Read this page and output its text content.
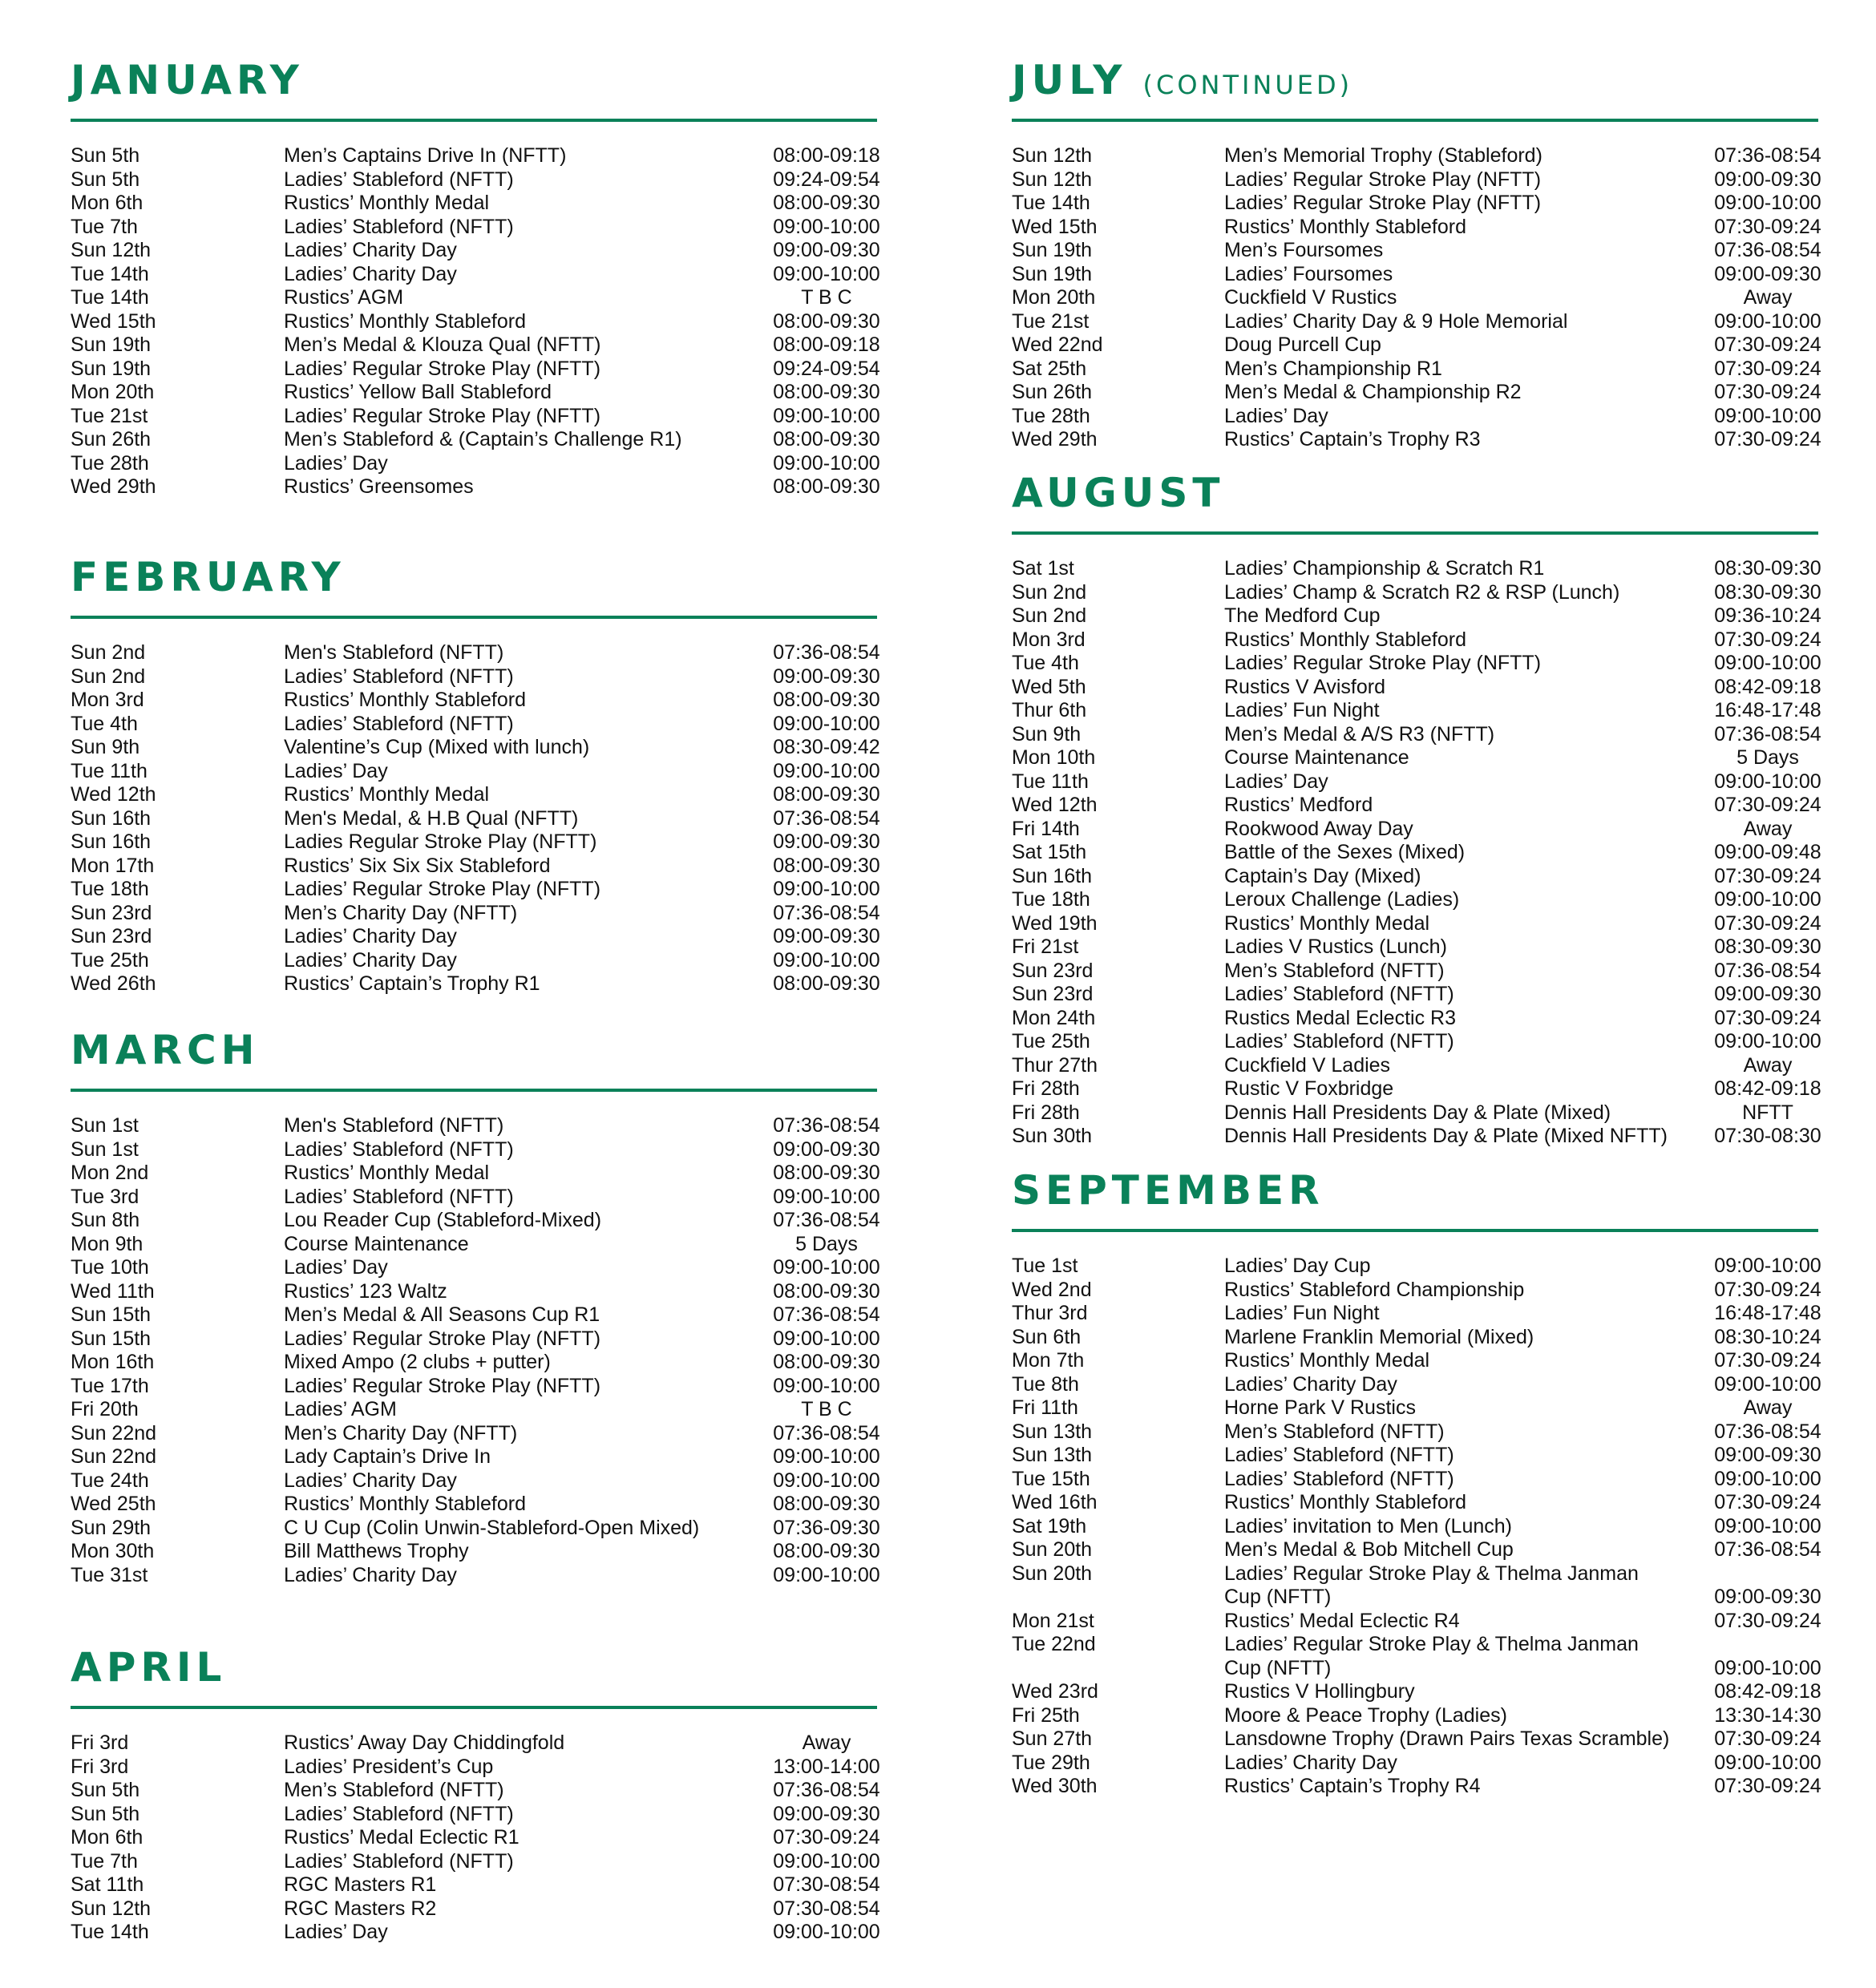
JANUARY
Sun 5th	Men’s Captains Drive In (NFTT)	08:00-09:18
Sun 5th	Ladies’ Stableford (NFTT)	09:24-09:54
Mon 6th	Rustics’ Monthly Medal	08:00-09:30
Tue 7th	Ladies’ Stableford (NFTT)	09:00-10:00
Sun 12th	Ladies’ Charity Day	09:00-09:30
Tue 14th	Ladies’ Charity Day	09:00-10:00
Tue 14th	Rustics’ AGM	T B C
Wed 15th	Rustics’ Monthly Stableford	08:00-09:30
Sun 19th	Men’s Medal & Klouza Qual (NFTT)	08:00-09:18
Sun 19th	Ladies’ Regular Stroke Play (NFTT)	09:24-09:54
Mon 20th	Rustics’ Yellow Ball Stableford	08:00-09:30
Tue 21st	Ladies’ Regular Stroke Play (NFTT)	09:00-10:00
Sun 26th	Men’s Stableford & (Captain’s Challenge R1)	08:00-09:30
Tue 28th	Ladies’ Day	09:00-10:00
Wed 29th	Rustics’ Greensomes	08:00-09:30
FEBRUARY
Sun 2nd	Men's Stableford (NFTT)	07:36-08:54
Sun 2nd	Ladies’ Stableford (NFTT)	09:00-09:30
Mon 3rd	Rustics’ Monthly Stableford	08:00-09:30
Tue 4th	Ladies’ Stableford (NFTT)	09:00-10:00
Sun 9th	Valentine’s Cup (Mixed with lunch)	08:30-09:42
Tue 11th	Ladies’ Day	09:00-10:00
Wed 12th	Rustics’ Monthly Medal	08:00-09:30
Sun 16th	Men's Medal, & H.B Qual (NFTT)	07:36-08:54
Sun 16th	Ladies Regular Stroke Play (NFTT)	09:00-09:30
Mon 17th	Rustics’ Six Six Six Stableford	08:00-09:30
Tue 18th	Ladies’ Regular Stroke Play (NFTT)	09:00-10:00
Sun 23rd	Men’s Charity Day (NFTT)	07:36-08:54
Sun 23rd	Ladies’ Charity Day	09:00-09:30
Tue 25th	Ladies’ Charity Day	09:00-10:00
Wed 26th	Rustics’ Captain’s Trophy R1	08:00-09:30
MARCH
Sun 1st	Men's Stableford (NFTT)	07:36-08:54
Sun 1st	Ladies’ Stableford (NFTT)	09:00-09:30
Mon 2nd	Rustics’ Monthly Medal	08:00-09:30
Tue 3rd	Ladies’ Stableford (NFTT)	09:00-10:00
Sun 8th	Lou Reader Cup (Stableford-Mixed)	07:36-08:54
Mon 9th	Course Maintenance	5 Days
Tue 10th	Ladies’ Day	09:00-10:00
Wed 11th	Rustics’ 123 Waltz	08:00-09:30
Sun 15th	Men’s Medal & All Seasons Cup R1	07:36-08:54
Sun 15th	Ladies’ Regular Stroke Play (NFTT)	09:00-10:00
Mon 16th	Mixed Ampo (2 clubs + putter)	08:00-09:30
Tue 17th	Ladies’ Regular Stroke Play (NFTT)	09:00-10:00
Fri 20th	Ladies’ AGM	T B C
Sun 22nd	Men’s Charity Day (NFTT)	07:36-08:54
Sun 22nd	Lady Captain’s Drive In	09:00-10:00
Tue 24th	Ladies’ Charity Day	09:00-10:00
Wed 25th	Rustics’ Monthly Stableford	08:00-09:30
Sun 29th	C U Cup (Colin Unwin-Stableford-Open Mixed)	07:36-09:30
Mon 30th	Bill Matthews Trophy	08:00-09:30
Tue 31st	Ladies’ Charity Day	09:00-10:00
APRIL
Fri 3rd	Rustics’ Away Day Chiddingfold	Away
Fri 3rd	Ladies’ President’s Cup	13:00-14:00
Sun 5th	Men’s Stableford (NFTT)	07:36-08:54
Sun 5th	Ladies’ Stableford (NFTT)	09:00-09:30
Mon 6th	Rustics’ Medal Eclectic R1	07:30-09:24
Tue 7th	Ladies’ Stableford (NFTT)	09:00-10:00
Sat 11th	RGC Masters R1	07:30-08:54
Sun 12th	RGC Masters R2	07:30-08:54
Tue 14th	Ladies’ Day	09:00-10:00
JULY (CONTINUED)
Sun 12th	Men’s Memorial Trophy (Stableford)	07:36-08:54
Sun 12th	Ladies’ Regular Stroke Play (NFTT)	09:00-09:30
Tue 14th	Ladies’ Regular Stroke Play (NFTT)	09:00-10:00
Wed 15th	Rustics’ Monthly Stableford	07:30-09:24
Sun 19th	Men’s Foursomes	07:36-08:54
Sun 19th	Ladies’ Foursomes	09:00-09:30
Mon 20th	Cuckfield V Rustics	Away
Tue 21st	Ladies’ Charity Day & 9 Hole Memorial	09:00-10:00
Wed 22nd	Doug Purcell Cup	07:30-09:24
Sat 25th	Men’s Championship R1	07:30-09:24
Sun 26th	Men’s Medal & Championship R2	07:30-09:24
Tue 28th	Ladies’ Day	09:00-10:00
Wed 29th	Rustics’ Captain’s Trophy R3	07:30-09:24
AUGUST
Sat 1st	Ladies’ Championship & Scratch R1	08:30-09:30
Sun 2nd	Ladies’ Champ & Scratch R2 & RSP (Lunch)	08:30-09:30
Sun 2nd	The Medford Cup	09:36-10:24
Mon 3rd	Rustics’ Monthly Stableford	07:30-09:24
Tue 4th	Ladies’ Regular Stroke Play (NFTT)	09:00-10:00
Wed 5th	Rustics V Avisford	08:42-09:18
Thur 6th	Ladies’ Fun Night	16:48-17:48
Sun 9th	Men’s Medal & A/S R3 (NFTT)	07:36-08:54
Mon 10th	Course Maintenance	5 Days
Tue 11th	Ladies’ Day	09:00-10:00
Wed 12th	Rustics’ Medford	07:30-09:24
Fri 14th	Rookwood Away Day	Away
Sat 15th	Battle of the Sexes (Mixed)	09:00-09:48
Sun 16th	Captain’s Day (Mixed)	07:30-09:24
Tue 18th	Leroux Challenge (Ladies)	09:00-10:00
Wed 19th	Rustics’ Monthly Medal	07:30-09:24
Fri 21st	Ladies V Rustics (Lunch)	08:30-09:30
Sun 23rd	Men’s Stableford (NFTT)	07:36-08:54
Sun 23rd	Ladies’ Stableford (NFTT)	09:00-09:30
Mon 24th	Rustics Medal Eclectic R3	07:30-09:24
Tue 25th	Ladies’ Stableford (NFTT)	09:00-10:00
Thur 27th	Cuckfield V Ladies	Away
Fri 28th	Rustic V Foxbridge	08:42-09:18
Fri 28th	Dennis Hall Presidents Day & Plate (Mixed)	NFTT
Sun 30th	Dennis Hall Presidents Day & Plate (Mixed NFTT)	07:30-08:30
SEPTEMBER
Tue 1st	Ladies’ Day Cup	09:00-10:00
Wed 2nd	Rustics’ Stableford Championship	07:30-09:24
Thur 3rd	Ladies’ Fun Night	16:48-17:48
Sun 6th	Marlene Franklin Memorial (Mixed)	08:30-10:24
Mon 7th	Rustics’ Monthly Medal	07:30-09:24
Tue 8th	Ladies’ Charity Day	09:00-10:00
Fri 11th	Horne Park V Rustics	Away
Sun 13th	Men’s Stableford (NFTT)	07:36-08:54
Sun 13th	Ladies’ Stableford (NFTT)	09:00-09:30
Tue 15th	Ladies’ Stableford (NFTT)	09:00-10:00
Wed 16th	Rustics’ Monthly Stableford	07:30-09:24
Sat 19th	Ladies’ invitation to Men (Lunch)	09:00-10:00
Sun 20th	Men’s Medal & Bob Mitchell Cup	07:36-08:54
Sun 20th	Ladies’ Regular Stroke Play & Thelma Janman
Cup (NFTT)	09:00-09:30
Mon 21st	Rustics’ Medal Eclectic R4	07:30-09:24
Tue 22nd	Ladies’ Regular Stroke Play & Thelma Janman
Cup (NFTT)	09:00-10:00
Wed 23rd	Rustics V Hollingbury	08:42-09:18
Fri 25th	Moore & Peace Trophy (Ladies)	13:30-14:30
Sun 27th	Lansdowne Trophy (Drawn Pairs Texas Scramble)	07:30-09:24
Tue 29th	Ladies’ Charity Day	09:00-10:00
Wed 30th	Rustics’ Captain’s Trophy R4	07:30-09:24
